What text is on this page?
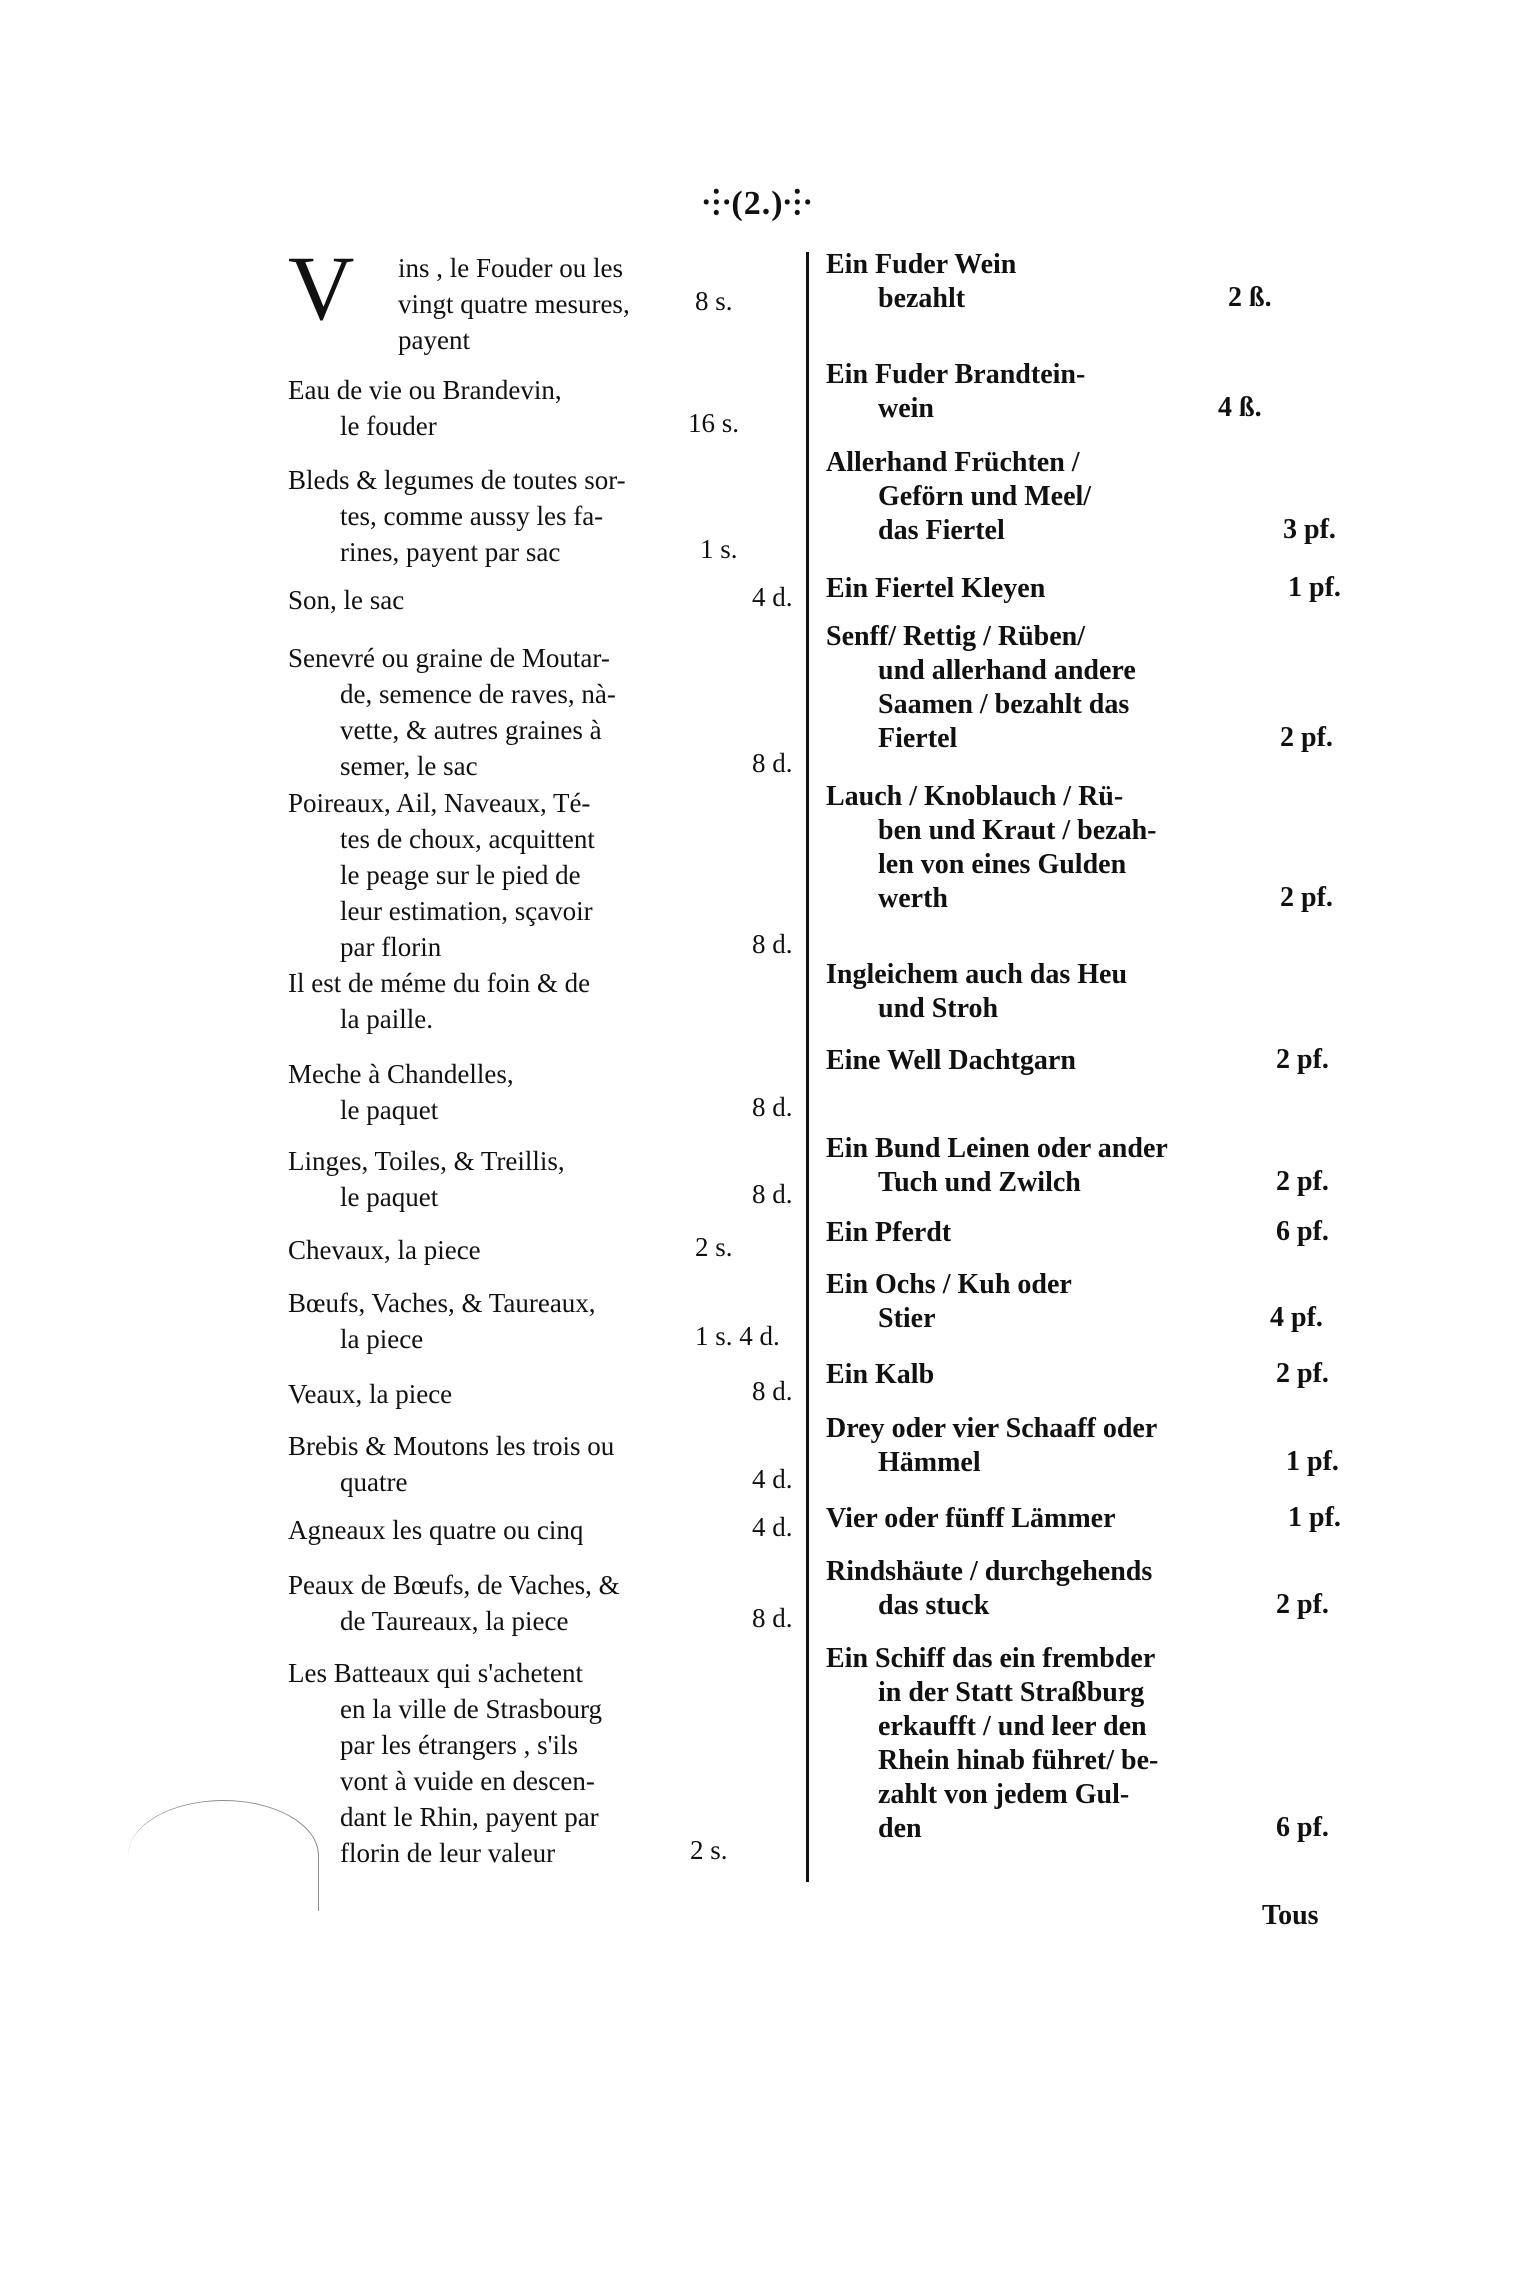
⸭(2.)⸭
V ins , le Fouder ou les
vingt quatre mesures,
payent
8 s.
Eau de vie ou Brandevin,
le fouder	16 s.
Bleds & legumes de toutes sor-
tes, comme aussy les fa-
rines, payent par sac	1 s.
Son, le sac	4 d.
Senevré ou graine de Moutar-
de, semence de raves, nà-
vette, & autres graines à
semer, le sac	8 d.
Poireaux, Ail, Naveaux, Té-
tes de choux, acquittent
le peage sur le pied de
leur estimation, sçavoir
par florin	8 d.
Il est de méme du foin & de
la paille.
Meche à Chandelles,
le paquet	8 d.
Linges, Toiles, & Treillis,
le paquet	8 d.
Chevaux, la piece	2 s.
Bœufs, Vaches, & Taureaux,
la piece	1 s. 4 d.
Veaux, la piece	8 d.
Brebis & Moutons les trois ou
quatre	4 d.
Agneaux les quatre ou cinq	4 d.
Peaux de Bœufs, de Vaches, &
de Taureaux, la piece	8 d.
Les Batteaux qui s'achetent
en la ville de Strasbourg
par les étrangers , s'ils
vont à vuide en descen-
dant le Rhin, payent par
florin de leur valeur	2 s.
Ein Fuder Wein
bezahlt	2 ß.
Ein Fuder Brandtein-
wein	4 ß.
Allerhand Früchten /
Geförn und Meel/
das Fiertel	3 pf.
Ein Fiertel Kleyen	1 pf.
Senff/ Rettig / Rüben/
und allerhand andere
Saamen / bezahlt das
Fiertel	2 pf.
Lauch / Knoblauch / Rü-
ben und Kraut / bezah-
len von eines Gulden
werth	2 pf.
Ingleichem auch das Heu
und Stroh
Eine Well Dachtgarn	2 pf.
Ein Bund Leinen oder ander
Tuch und Zwilch	2 pf.
Ein Pferdt	6 pf.
Ein Ochs / Kuh oder
Stier	4 pf.
Ein Kalb	2 pf.
Drey oder vier Schaaff oder
Hämmel	1 pf.
Vier oder fünff Lämmer	1 pf.
Rindshäute / durchgehends
das stuck	2 pf.
Ein Schiff das ein frembder
in der Statt Straßburg
erkaufft / und leer den
Rhein hinab führet/ be-
zahlt von jedem Gul-
den	6 pf.
Tous
